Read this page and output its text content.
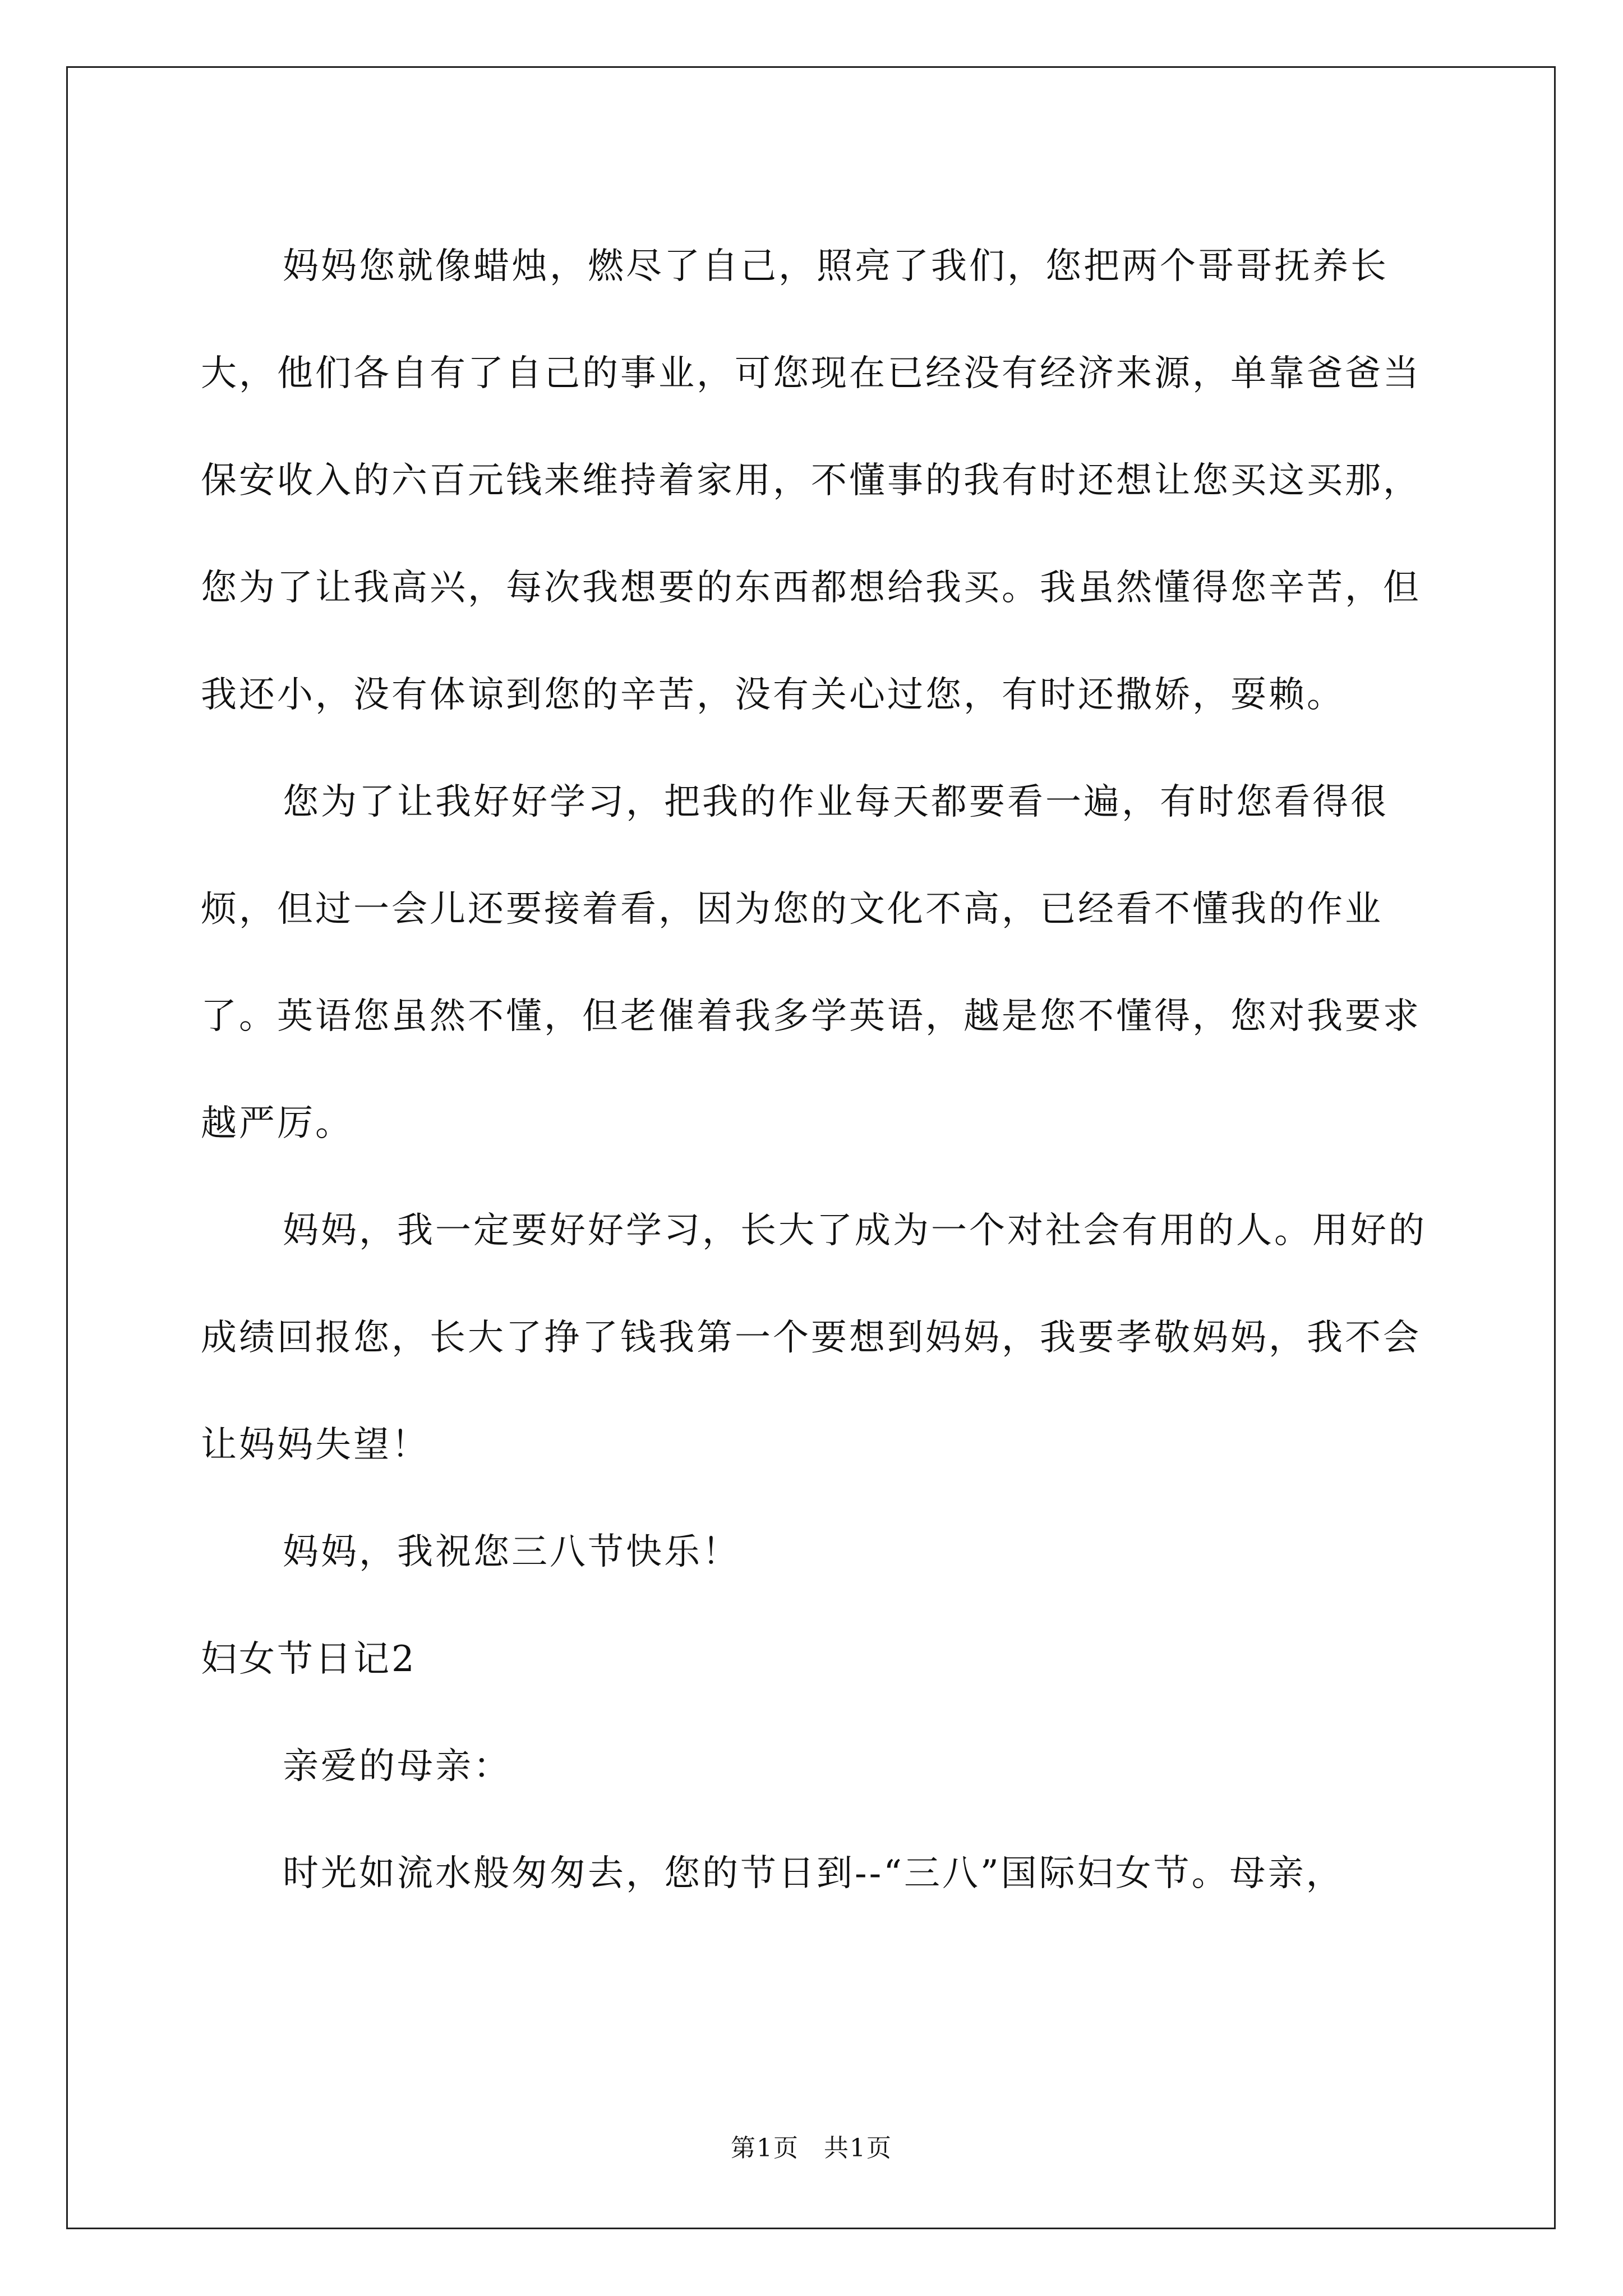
妈妈您就像蜡烛，燃尽了自己，照亮了我们，您把两个哥哥抚养长大，他们各自有了自己的事业，可您现在已经没有经济来源，单靠爸爸当保安收入的六百元钱来维持着家用，不懂事的我有时还想让您买这买那，您为了让我高兴，每次我想要的东西都想给我买。我虽然懂得您辛苦，但我还小，没有体谅到您的辛苦，没有关心过您，有时还撒娇，耍赖。

您为了让我好好学习，把我的作业每天都要看一遍，有时您看得很烦，但过一会儿还要接着看，因为您的文化不高，已经看不懂我的作业了。英语您虽然不懂，但老催着我多学英语，越是您不懂得，您对我要求越严厉。

妈妈，我一定要好好学习，长大了成为一个对社会有用的人。用好的成绩回报您，长大了挣了钱我第一个要想到妈妈，我要孝敬妈妈，我不会让妈妈失望！

妈妈，我祝您三八节快乐！

妇女节日记2

亲爱的母亲：

时光如流水般匆匆去，您的节日到--“三八”国际妇女节。母亲，

第1页 共1页
